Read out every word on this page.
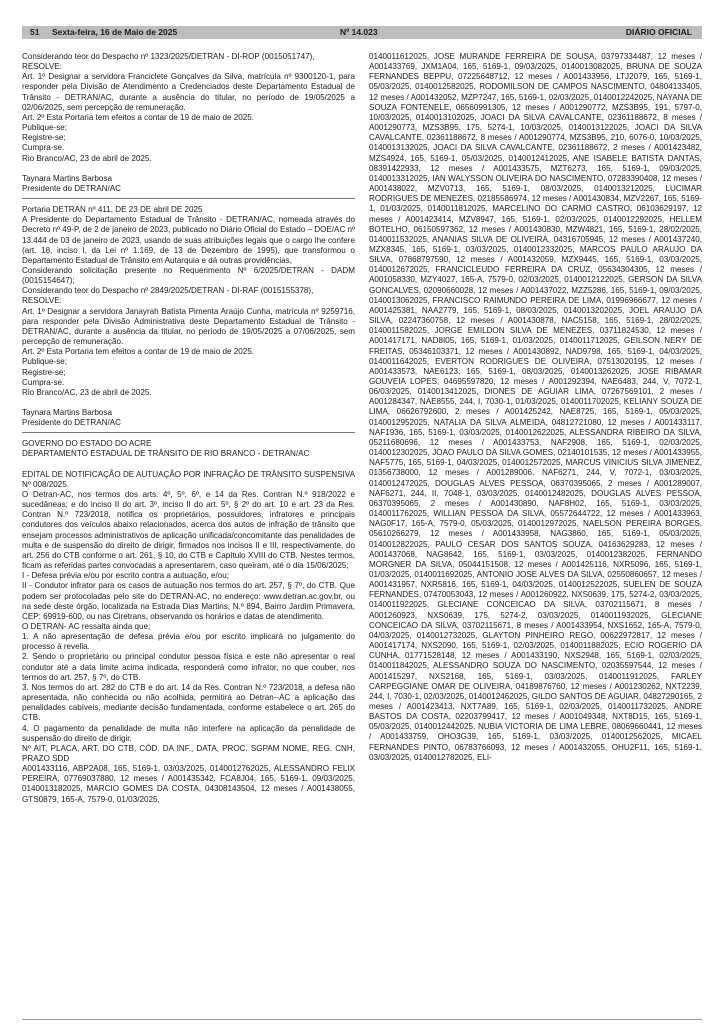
51 Sexta-feira, 16 de Maio de 2025	Nº 14.023	DIÁRIO OFICIAL

Considerando teor do Despacho nº 1323/2025/DETRAN - DI-ROP (0015051747),

RESOLVE:

Art. 1º Designar a servidora Franciclete Gonçalves da Silva, matrícula nº 9300120-1, para responder pela Divisão de Atendimento a Credenciados deste Departamento Estadual de Trânsito - DETRAN/AC, durante a ausência do titular, no período de 19/05/2025 a 02/06/2025, sem percepção de remuneração.

Art. 2º Esta Portaria tem efeitos a contar de 19 de maio de 2025.

Publique-se;

Registre-se;

Cumpra-se.

Rio Branco/AC, 23 de abril de 2025.

Taynara Martins Barbosa

Presidente do DETRAN/AC

Portaria DETRAN nº 411, DE 23 DE abril DE 2025

A Presidente do Departamento Estadual de Trânsito - DETRAN/AC, nomeada através do Decreto nº 49-P, de 2 de janeiro de 2023, publicado no Diário Oficial do Estado – DOE/AC nº 13.444 de 03 de janeiro de 2023, usando de suas atribuições legais que o cargo lhe confere (art. 18, inciso I, da Lei nº 1.169, de 13 de Dezembro de 1995), que transformou o Departamento Estadual de Trânsito em Autarquia e dá outras providências,

Considerando solicitação presente no Requerimento Nº 6/2025/DETRAN - DADM (0015154647);

Considerando teor do Despacho nº 2849/2025/DETRAN - DI-RAF (0015155378),

RESOLVE:

Art. 1º Designar a servidora Janayrah Batista Pimenta Araújo Cunha, matrícula nº 9259716, para responder pela Divisão Administrativa deste Departamento Estadual de Trânsito - DETRAN/AC, durante a ausência da titular, no período de 19/05/2025 a 07/06/2025, sem percepção de remuneração.

Art. 2º Esta Portaria tem efeitos a contar de 19 de maio de 2025.

Publique-se;

Registre-se;

Cumpra-se.

Rio Branco/AC, 23 de abril de 2025.

Taynara Martins Barbosa

Presidente do DETRAN/AC

GOVERNO DO ESTADO DO ACRE

DEPARTAMENTO ESTADUAL DE TRÂNSITO DE RIO BRANCO - DETRAN/AC

EDITAL DE NOTIFICAÇÃO DE AUTUAÇÃO POR INFRAÇÃO DE TRÂNSITO SUSPENSIVA Nº 008/2025.

O Detran-AC, nos termos dos arts. 4º, 5º, 6º, e 14 da Res. Contran N.º 918/2022 e sucedâneas; e do inciso II do art. 3º, inciso II do art. 5º, § 2º do art. 10 e art. 23 da Res. Contran N.º 723/2018, notifica os proprietários, possuidores, infratores e principais condutores dos veículos abaixo relacionados, acerca dos autos de infração de trânsito que ensejam processos administrativos de aplicação unificada/concomitante das penalidades de multa e de suspensão do direito de dirigir, firmados nos incisos II e III, respectivamente, do art. 256 do CTB conforme o art. 261, § 10, do CTB e Capítulo XVIII do CTB. Nestes termos, ficam as referidas partes convocadas a apresentarem, caso queiram, até o dia 15/06/2025;

I - Defesa prévia e/ou por escrito contra a autuação, e/ou;

II - Condutor infrator para os casos de autuação nos termos do art. 257, § 7º, do CTB. Que podem ser protocoladas pelo site do DETRAN-AC, no endereço: www.detran.ac.gov.br, ou na sede deste órgão, localizada na Estrada Dias Martins, N.º 894, Bairro Jardim Primavera, CEP: 69919-600, ou nas Ciretrans, observando os horários e datas de atendimento.

O DETRAN- AC ressalta ainda que;

1. A não apresentação de defesa prévia e/ou por escrito implicará no julgamento do processo à revelia.

2. Sendo o proprietário ou principal condutor pessoa física e este não apresentar o real condutor até a data limite acima indicada, responderá como infrator, no que couber, nos termos do art. 257, § 7º, do CTB.

3. Nos termos do art. 282 do CTB e do art. 14 da Res. Contran N.º 723/2018, a defesa não apresentada, não conhecida ou não acolhida, permitirá ao Detran--AC a aplicação das penalidades cabíveis, mediante decisão fundamentada, conforme estabelece o art. 265 do CTB.

4. O pagamento da penalidade de multa não interfere na aplicação da penalidade de suspensão do direito de dirigir.

Nº AIT, PLACA, ART. DO CTB, CÓD. DA INF., DATA, PROC. SGPAM NOME, REG. CNH, PRAZO SDD

A001433116, ABP2A08, 165, 5169-1, 03/03/2025, 0140012762025, ALESSANDRO FELIX PEREIRA, 07769037880, 12 meses / A001435342, FCA8J04, 165, 5169-1, 09/03/2025, 0140013182025, MARCIO GOMES DA COSTA, 04308143504, 12 meses / A001438055, GTS0879, 165-A, 7579-0, 01/03/2025,

0140011612025, JOSE MURANDE FERREIRA DE SOUSA, 03797334487, 12 meses / A001433769, JXM1A04, 165, 5169-1, 09/03/2025, 0140013082025, BRUNA DE SOUZA FERNANDES BEPPU, 07225648712, 12 meses / A001433956, LTJ2079, 165, 5169-1, 05/03/2025, 0140012582025, RODOMILSON DE CAMPOS NASCIMENTO, 04804133405, 12 meses / A001432052, MZP7247, 165, 5169-1, 02/03/2025, 0140012242025, NAYANA DE SOUZA FONTENELE, 06560991305, 12 meses / A001290772, MZS3B95, 191, 5797-0, 10/03/2025, 0140013102025, JOACI DA SILVA CAVALCANTE, 02361188672, 8 meses / A001290773, MZS3B95, 175, 5274-1, 10/03/2025, 0140013122025, JOACI DA SILVA CAVALCANTE, 02361188672, 8 meses / A001290774, MZS3B95, 210, 6076-0, 10/03/2025, 0140013132025, JOACI DA SILVA CAVALCANTE, 02361188672, 2 meses / A001423482, MZS4924, 165, 5169-1, 05/03/2025, 0140012412025, ANE ISABELE BATISTA DANTAS, 08391422933, 12 meses / A001433575, MZT6273, 165, 5169-1, 09/03/2025, 0140013312025, IAN WALYSSON OLIVEIRA DO NASCIMENTO, 07283390408, 12 meses / A001438022, MZV0713, 165, 5169-1, 08/03/2025, 0140013212025, LUCIMAR RODRIGUES DE MENEZES, 02185586974, 12 meses / A001430834, MZV2267, 165, 5169-1, 01/03/2025, 0140011812025, MARCELINO DO CARMO CASTRO, 06103629197, 12 meses / A001423414, MZV8947, 165, 5169-1, 02/03/2025, 0140012292025, HELLEM BOTELHO, 06150597362, 12 meses / A001430830, MZW4821, 165, 5169-1, 28/02/2025, 0140011532025, ANANIAS SILVA DE OLIVEIRA, 04316705945, 12 meses / A001437240, MZX8345, 165, 5169-1, 03/03/2025, 0140012332025, MARCOS PAULO ARAUJO DA SILVA, 07868797590, 12 meses / A001432059, MZX9445, 165, 5169-1, 03/03/2025, 0140012672025, FRANCICLEUDO FERREIRA DA CRUZ, 05634304305, 12 meses / A001058330, MZY4027, 165-A, 7579-0, 02/03/2025, 0140012122025, GERSON DA SILVA GONCALVES, 02090660028, 12 meses / A001437022, MZZ5286, 165, 5169-1, 09/03/2025, 0140013062025, FRANCISCO RAIMUNDO PEREIRA DE LIMA, 01996966677, 12 meses / A001425381, NAA2779, 165, 5169-1, 08/03/2025, 0140013202025, JOEL ARAUJO DA SILVA, 02247360758, 12 meses / A001430878, NAC5158, 165, 5169-1, 28/02/2025, 0140011582025, JORGE EMILDON SILVA DE MENEZES, 03711824530, 12 meses / A001417171, NAD8I05, 165, 5169-1, 01/03/2025, 0140011712025, GEILSON NERY DE FREITAS, 05346103371, 12 meses / A001430892, NAD9798, 165, 5169-1, 04/03/2025, 0140011642025, EVERTON RODRIGUES DE OLIVEIRA, 07513020195, 12 meses / A001433573, NAE6123, 165, 5169-1, 08/03/2025, 0140013262025, JOSE RIBAMAR GOUVEIA LOPES, 04695597820, 12 meses / A001292394, NAE6483, 244, V, 7072-1, 06/03/2025, 0140013412025, DIONES DE AGUIAR LIMA, 07267569101, 2 meses / A001284347, NAE8555, 244, I, 7030-1, 01/03/2025, 0140011702025, KELIANY SOUZA DE LIMA, 06626792600, 2 meses / A001425242, NAE8725, 165, 5169-1, 05/03/2025, 0140012952025, NATALIA DA SILVA ALMEIDA, 04812721080, 12 meses / A001433117, NAF1936, 165, 5169-1, 03/03/2025, 0140012622025, ALESSANDRA RIBEIRO DA SILVA, 05211680696, 12 meses / A001433753, NAF2908, 165, 5169-1, 02/03/2025, 0140012302025, JOAO PAULO DA SILVA GOMES, 02140101535, 12 meses / A001433955, NAF5775, 165, 5169-1, 04/03/2025, 0140012572025, MARCUS VINICIUS SILVA JIMENEZ, 01356738000, 12 meses / A001289006, NAF6271, 244, V, 7072-1, 03/03/2025, 0140012472025, DOUGLAS ALVES PESSOA, 06370395065, 2 meses / A001289007, NAF6271, 244, II, 7048-1, 03/03/2025, 0140012482025, DOUGLAS ALVES PESSOA, 06370395065, 2 meses / A001430890, NAF8H02, 165, 5169-1, 03/03/2025, 0140011762025, WILLIAN PESSOA DA SILVA, 05572644722, 12 meses / A001433963, NAG0F17, 165-A, 7579-0, 05/03/2025, 0140012972025, NAELSON PEREIRA BORGES, 05610266279, 12 meses / A001433958, NAG3860, 165, 5169-1, 05/03/2025, 0140012822025, PAULO CESAR DOS SANTOS SOUZA, 04163629283, 12 meses / A001437068, NAG8642, 165, 5169-1, 03/03/2025, 0140012382025, FERNANDO MORGNER DA SILVA, 05044151508, 12 meses / A001425116, NXR5096, 165, 5169-1, 01/03/2025, 0140011692025, ANTONIO JOSE ALVES DA SILVA, 02550860657, 12 meses / A001431957, NXR5816, 165, 5169-1, 04/03/2025, 0140012522025, SUELEN DE SOUZA FERNANDES, 07470053043, 12 meses / A001260922, NXS0639, 175, 5274-2, 03/03/2025, 0140011922025, GLECIANE CONCEICAO DA SILVA, 03702115671, 8 meses / A001260923, NXS0639, 175, 5274-2, 03/03/2025, 0140011932025, GLECIANE CONCEICAO DA SILVA, 03702115671, 8 meses / A001433954, NXS1652, 165-A, 7579-0, 04/03/2025, 0140012732025, GLAYTON PINHEIRO REGO, 00622972817, 12 meses / A001417174, NXS2090, 165, 5169-1, 02/03/2025, 0140011882025, ECIO ROGERIO DA CUNHA, 01771528148, 12 meses / A001433190, NXS2948, 165, 5169-1, 02/03/2025, 0140011842025, ALESSANDRO SOUZA DO NASCIMENTO, 02035597544, 12 meses / A001415297, NXS2168, 165, 5169-1, 03/03/2025, 0140011912025, FARLEY CARPEGGIANE OMAR DE OLIVEIRA, 04189876760, 12 meses / A001230262, NXT2239, 244, I, 7030-1, 02/03/2025, 0140012462025, GILDO SANTOS DE AGUIAR, 04827290165, 2 meses / A001423413, NXT7A89, 165, 5169-1, 02/03/2025, 0140011732025, ANDRE BASTOS DA COSTA, 02203799417, 12 meses / A001049348, NXT8D15, 165, 5169-1, 05/03/2025, 0140012442025, NUBIA VICTORIA DE LIMA LEBRE, 08069660441, 12 meses / A001433759, OHO3G39, 165, 5169-1, 03/03/2025, 0140012562025, MICAEL FERNANDES PINTO, 06783766093, 12 meses / A001432055, OHU2F11, 165, 5169-1, 03/03/2025, 0140012782025, ELI-
